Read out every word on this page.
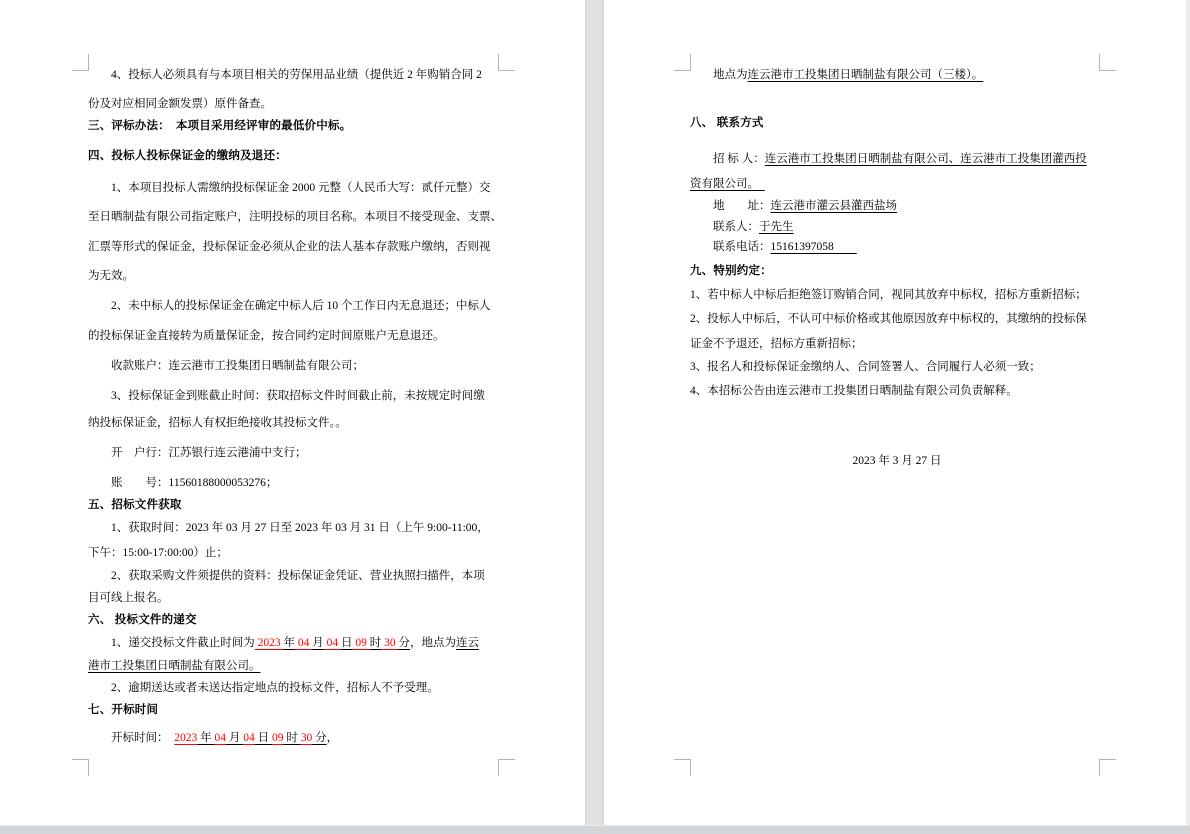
4、投标人必须具有与本项目相关的劳保用品业绩（提供近 2 年购销合同 2
份及对应相同金额发票）原件备查。
三、评标办法：　本项目采用经评审的最低价中标。
四、投标人投标保证金的缴纳及退还：
1、本项目投标人需缴纳投标保证金 2000 元整（人民币大写：贰仟元整）交
至日晒制盐有限公司指定账户，注明投标的项目名称。本项目不接受现金、支票、
汇票等形式的保证金，投标保证金必须从企业的法人基本存款账户缴纳，否则视
为无效。
2、未中标人的投标保证金在确定中标人后 10 个工作日内无息退还；中标人
的投标保证金直接转为质量保证金，按合同约定时间原账户无息退还。
收款账户：连云港市工投集团日晒制盐有限公司；
3、投标保证金到账截止时间：获取招标文件时间截止前，未按规定时间缴
纳投标保证金，招标人有权拒绝接收其投标文件。。
开　户行：江苏银行连云港浦中支行；
账　　号：11560188000053276；
五、招标文件获取
1、获取时间：2023 年 03 月 27 日至 2023 年 03 月 31 日（上午 9:00-11:00，
下午：15:00-17:00:00）止；
2、获取采购文件须提供的资料：投标保证金凭证、营业执照扫描件，本项
目可线上报名。
六、 投标文件的递交
1、递交投标文件截止时间为 2023 年 04 月 04 日 09 时 30 分，地点为连云
港市工投集团日晒制盐有限公司。
2、逾期送达或者未送达指定地点的投标文件，招标人不予受理。
七、开标时间
开标时间：　2023 年 04 月 04 日 09 时 30 分，
地点为连云港市工投集团日晒制盐有限公司（三楼）。
八、 联系方式
招 标 人：连云港市工投集团日晒制盐有限公司、连云港市工投集团灌西投
资有限公司。　
地　　址：连云港市灌云县灌西盐场
联系人：于先生
联系电话：15161397058　　
九、特别约定：
1、若中标人中标后拒绝签订购销合同，视同其放弃中标权，招标方重新招标；
2、投标人中标后，不认可中标价格或其他原因放弃中标权的，其缴纳的投标保
证金不予退还，招标方重新招标；
3、报名人和投标保证金缴纳人、合同签署人、合同履行人必须一致；
4、本招标公告由连云港市工投集团日晒制盐有限公司负责解释。
2023 年 3 月 27 日
